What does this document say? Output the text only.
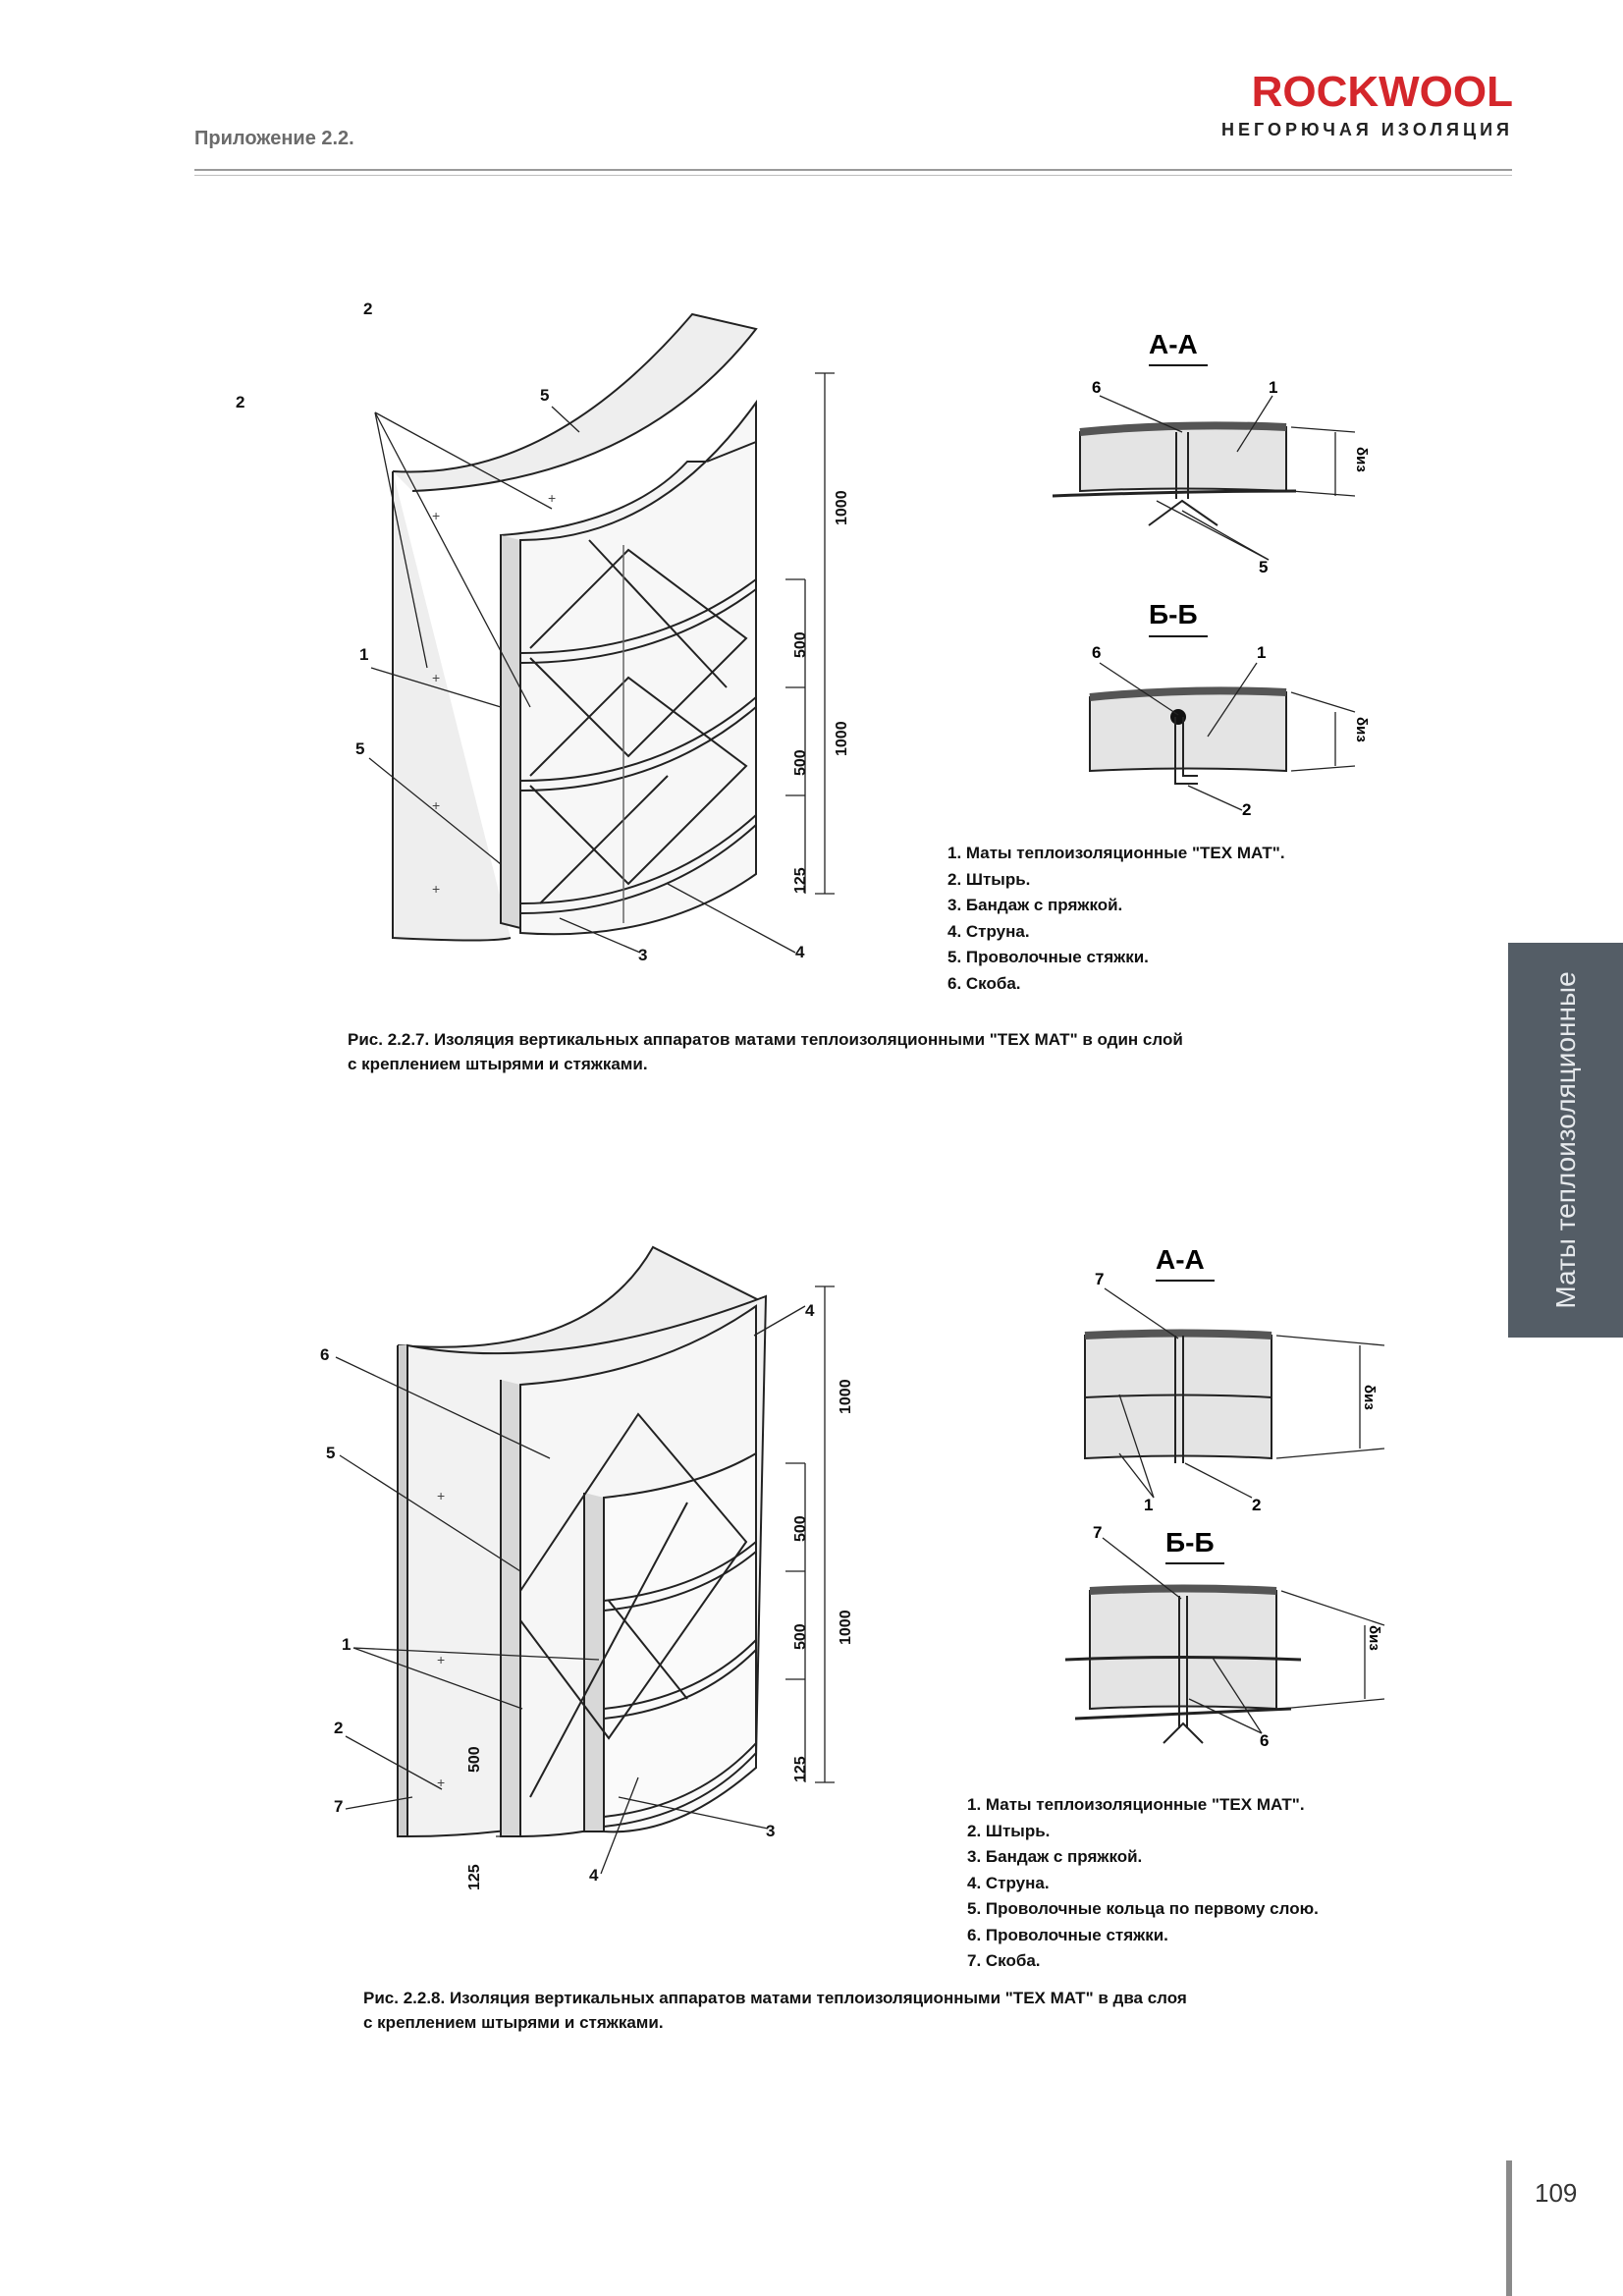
Приложение 2.2.
ROCKWOOL
НЕГОРЮЧАЯ ИЗОЛЯЦИЯ
Маты теплоизоляционные
+
+
+
+
+
2
2
5
1
5
3	4
1000
500
1000
500
125
А-А
6	1
5
δиз
Б-Б
6	1
2
δиз
1. Маты теплоизоляционные "ТЕХ МАТ".
2. Штырь.
3. Бандаж с пряжкой.
4. Струна.
5. Проволочные стяжки.
6. Скоба.
Рис. 2.2.7. Изоляция вертикальных аппаратов матами теплоизоляционными "ТЕХ МАТ" в один слой
с креплением штырями и стяжками.
+
+
+
6
5
1
2
7
3
4
4
1000
500
1000
500
125
500
125
А-А
7
1	2
δиз
Б-Б
7
6
δиз
1. Маты теплоизоляционные "ТЕХ МАТ".
2. Штырь.
3. Бандаж с пряжкой.
4. Струна.
5. Проволочные кольца по первому слою.
6. Проволочные стяжки.
7. Скоба.
Рис. 2.2.8. Изоляция вертикальных аппаратов матами теплоизоляционными "ТЕХ МАТ" в два слоя
с креплением штырями и стяжками.
109
